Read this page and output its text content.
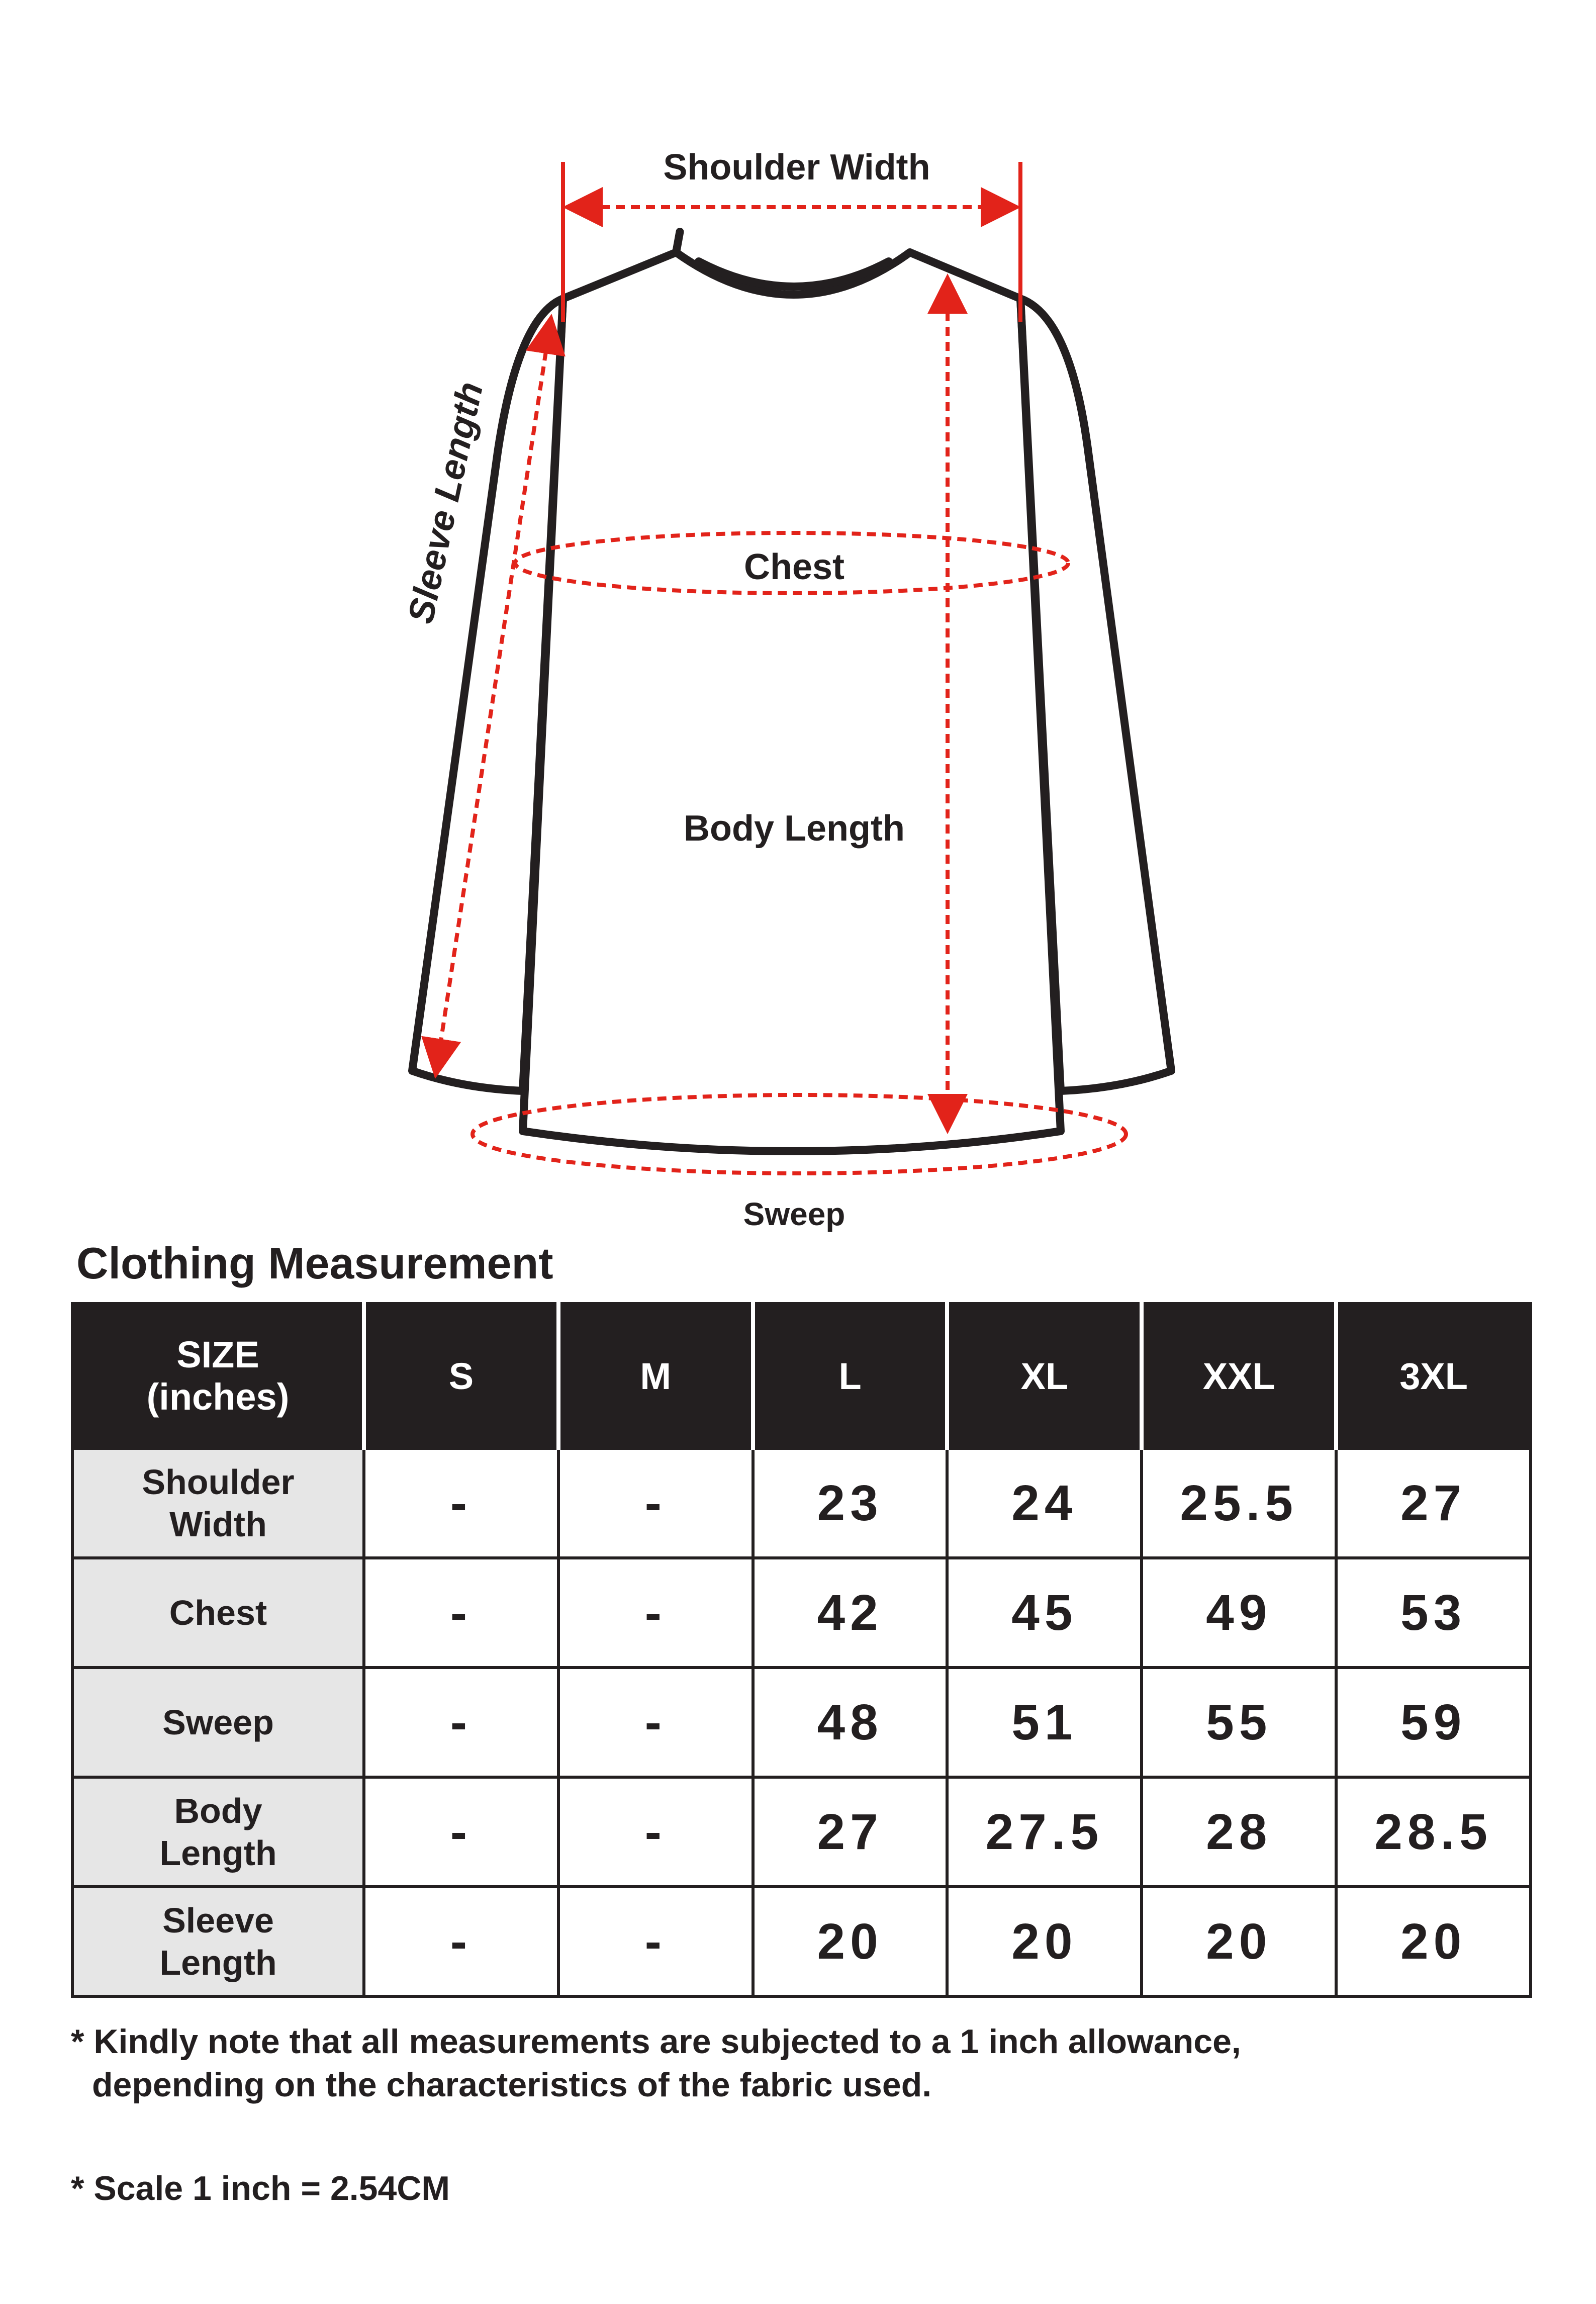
Shoulder Width
Sleeve Length	Chest
Body Length
Sweep
Clothing Measurement
SIZE
(inches)	S	M	L	XL	XXL	3XL

Shoulder
Width	-	-	23	24	25.5	27

Chest	-	-	42	45	49	53

Sweep	-	-	48	51	55	59

Body
Length	-	-	27	27.5	28	28.5

Sleeve
Length	-	-	20	20	20	20
* Kindly note that all measurements are subjected to a 1 inch allowance,
depending on the characteristics of the fabric used.
* Scale 1 inch = 2.54CM
